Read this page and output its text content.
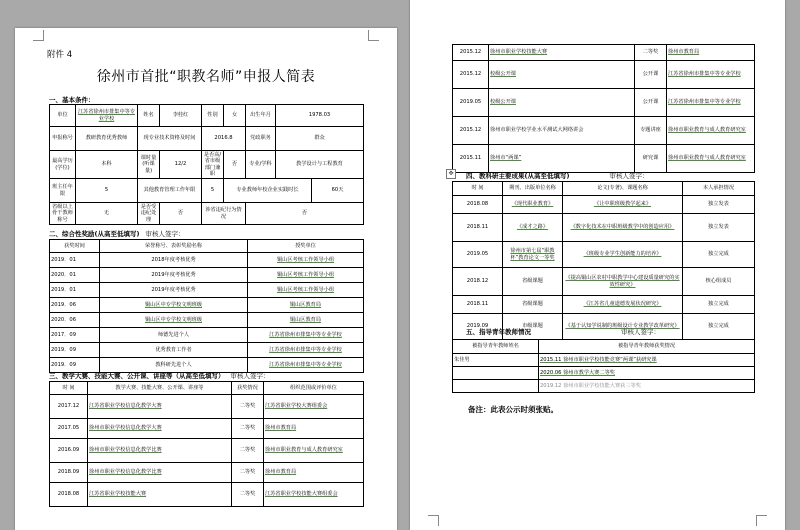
附件 4
徐州市首批“职教名师”申报人简表
一、基本条件：
单位	江苏省徐州市排集中等专业学校	姓名	李桂红	性别	女	出生年月	1978.03	
申报称号	教研教育优秀教师	现专业技术资格及时间		2016.8		党政职务	群众	
最高学历(学位)	本科	课时量(听课量)	12/2	是否高/省市级部门兼职	否	专业/学科	教学设计与工程教育	
班主任年限	5	其他教育管理工作年限		5	专业教师年校企业实践时长			60天
省级以上骨干教师称号	无	是否受违纪处理	否	涉省违纪行为情况		否		
二、综合性奖励(从高至低填写) 审核人签字：
获奖时间	荣誉称号、表彰奖励名称	授奖单位
2019．01	2018年度考核优秀	铜山区考核工作领导小组
2020．01	2019年度考核优秀	铜山区考核工作领导小组
2019．01	2019年度考核优秀	铜山区考核工作领导小组
2019．06	铜山区中专学校文明班级	铜山区教育局
2020．06	铜山区中专学校文明班级	铜山区教育局
2017．09	师德先进个人	江苏省徐州市排集中等专业学校
2019．09	优秀教育工作者	江苏省徐州市排集中等专业学校
2019．09	教科研先进个人	江苏省徐州市排集中等专业学校
三、教学大赛、技能大赛、公开课、讲座等（从高至低填写） 审核人签字：
时 间	教学大赛、技能大赛、公开课、讲座等	获奖情况	组织范围或评价单位
2017.12	江苏省职业学校信息化教学大赛	二等奖	江苏省职业学校大赛组委会
2017.05	徐州市职业学校信息化教学大赛	二等奖	徐州市教育局
2016.09	徐州市职业学校信息化教学比赛	二等奖	徐州市职业教育与成人教育研究室
2018.09	徐州市职业学校信息化教学比赛	二等奖	徐州市教育局
2018.08	江苏省职业学校技能大赛	二等奖	江苏省职业学校技能大赛组委会
2015.12	徐州市职业学校技能大赛	二等奖	徐州市教育局
2015.12	校级公开课	公开课	江苏省徐州市排集中等专业学校
2019.05	校级公开课	公开课	江苏省徐州市排集中等专业学校
2015.12	徐州市职业学校学业水平测试大网络讲会	专题讲座	徐州市职业教育与成人教育研究室
2015.11	徐州市“两课”	研究课	徐州市职业教育与成人教育研究室
四、教科研主要成果(从高至低填写)	审核人签字：
时 间	期刊、出版单位名称	论文(专著)、课题名称	本人承担情况
2018.08	《现代职业教育》	《让中职班级教学起来》	独立发表
2018.11	《成才之路》	《数字化技术在中职班级教学中的创造应用》	独立发表
2019.05	徐州市第七届“职教杯”教育论文一等奖	《班级专业学生创新能力的培养》	独立完成
2018.12	省级课题	《提高铜山区农村中职教学中心建设质量研究的实效性研究》	核心组成员
2018.11	省级课题	《江苏省儿童道德发展状况研究》	独立完成
2019.09	市级课题	《基于认知学说制的班级设计专业教学改革研究》	独立完成
✥
五、指导青年教师情况	审核人签字：
被指导青年教师姓名	被指导青年教师获奖情况
朱佳男	2015.11 徐州市职业学校技能竞赛“两课”获研究课
	2020.06 徐州市教学大赛二等奖
	2019.12 徐州市职业学校技能大赛获三等奖
备注：此表公示时须张贴。
